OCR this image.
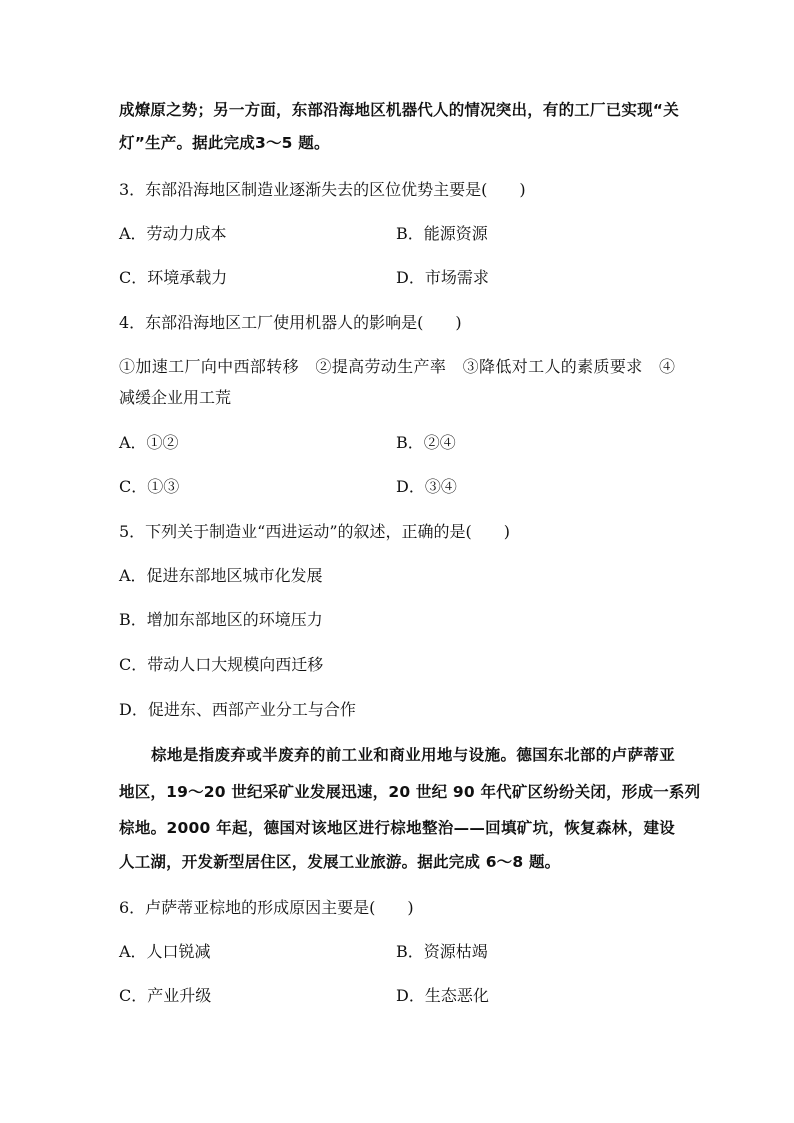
成燎原之势；另一方面，东部沿海地区机器代人的情况突出，有的工厂已实现“关
灯”生产。据此完成3～5 题。
3．东部沿海地区制造业逐渐失去的区位优势主要是(　　)
A．劳动力成本	B．能源资源
C．环境承载力	D．市场需求
4．东部沿海地区工厂使用机器人的影响是(　　)
①加速工厂向中西部转移　②提高劳动生产率　③降低对工人的素质要求　④
减缓企业用工荒
A．①②	B．②④
C．①③	D．③④
5．下列关于制造业“西进运动”的叙述，正确的是(　　)
A．促进东部地区城市化发展
B．增加东部地区的环境压力
C．带动人口大规模向西迁移
D．促进东、西部产业分工与合作
棕地是指废弃或半废弃的前工业和商业用地与设施。德国东北部的卢萨蒂亚
地区，19～20 世纪采矿业发展迅速，20 世纪 90 年代矿区纷纷关闭，形成一系列
棕地。2000 年起，德国对该地区进行棕地整治——回填矿坑，恢复森林，建设
人工湖，开发新型居住区，发展工业旅游。据此完成 6～8 题。
6．卢萨蒂亚棕地的形成原因主要是(　　)
A．人口锐减	B．资源枯竭
C．产业升级	D．生态恶化
